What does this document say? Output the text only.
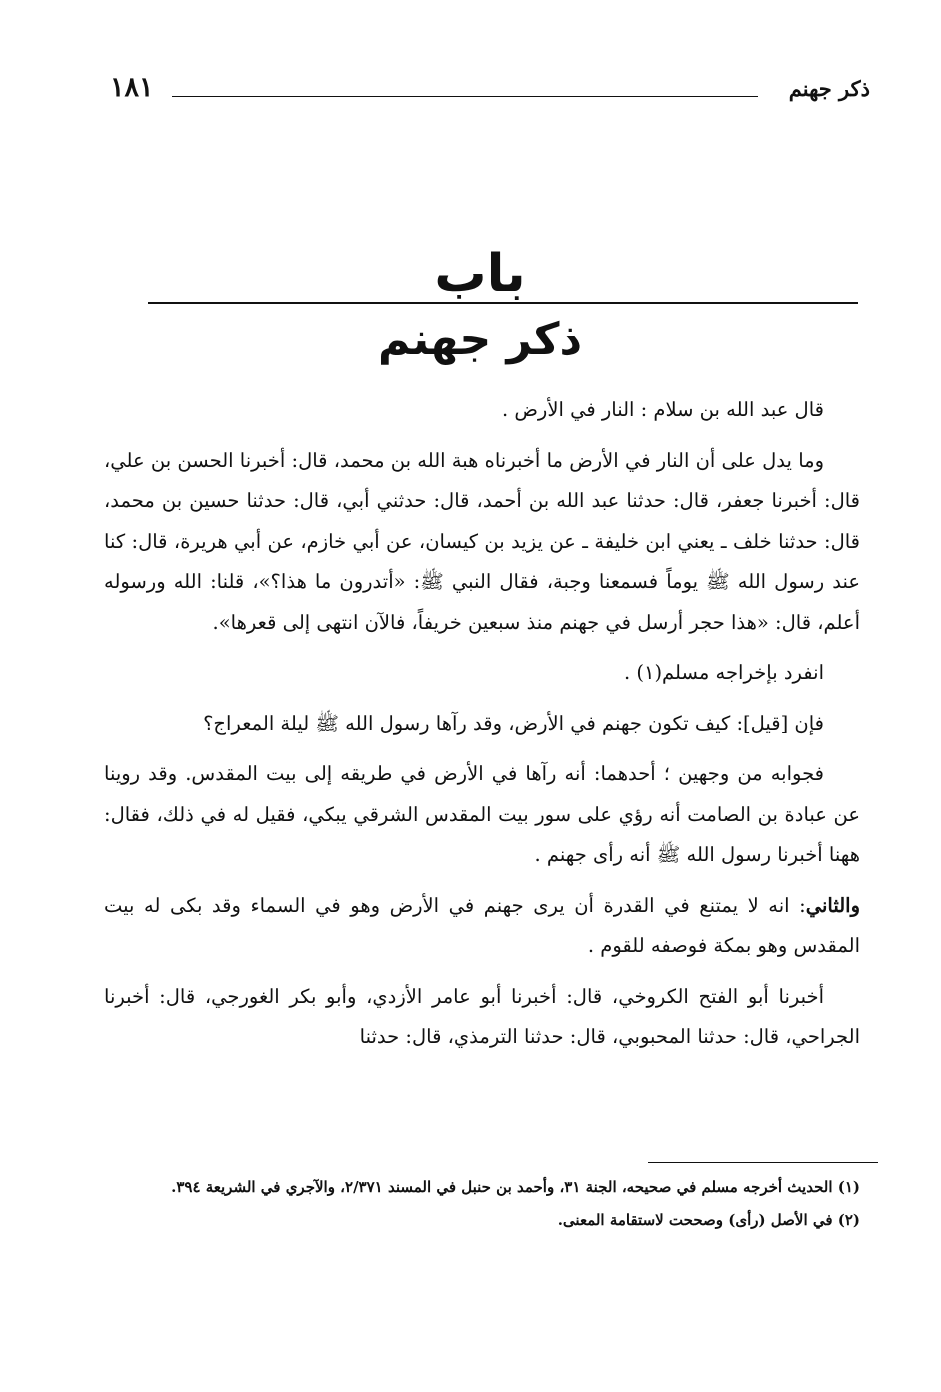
ذكر جهنم
١٨١
باب
ذكر جهنم

قال عبد الله بن سلام : النار في الأرض .

وما يدل على أن النار في الأرض ما أخبرناه هبة الله بن محمد، قال: أخبرنا الحسن بن علي، قال: أخبرنا جعفر، قال: حدثنا عبد الله بن أحمد، قال: حدثني أبي، قال: حدثنا حسين بن محمد، قال: حدثنا خلف ـ يعني ابن خليفة ـ عن يزيد بن كيسان، عن أبي خازم، عن أبي هريرة، قال: كنا عند رسول الله ﷺ يوماً فسمعنا وجبة، فقال النبي ﷺ: «أتدرون ما هذا؟»، قلنا: الله ورسوله أعلم، قال: «هذا حجر أرسل في جهنم منذ سبعين خريفاً، فالآن انتهى إلى قعرها».

انفرد بإخراجه مسلم(١) .

فإن [قيل]: كيف تكون جهنم في الأرض، وقد رآها رسول الله ﷺ ليلة المعراج؟

فجوابه من وجهين ؛ أحدهما: أنه رآها في الأرض في طريقه إلى بيت المقدس. وقد روينا عن عبادة بن الصامت أنه رؤي على سور بيت المقدس الشرقي يبكي، فقيل له في ذلك، فقال: ههنا أخبرنا رسول الله ﷺ أنه رأى جهنم .

والثاني: انه لا يمتنع في القدرة أن يرى جهنم في الأرض وهو في السماء وقد بكى له بيت المقدس وهو بمكة فوصفه للقوم .

أخبرنا أبو الفتح الكروخي، قال: أخبرنا أبو عامر الأزدي، وأبو بكر الغورجي، قال: أخبرنا الجراحي، قال: حدثنا المحبوبي، قال: حدثنا الترمذي، قال: حدثنا

(١) الحديث أخرجه مسلم في صحيحه، الجنة ٣١، وأحمد بن حنبل في المسند ٢/٣٧١، والآجري في الشريعة ٣٩٤.

(٢) في الأصل (رأى) وصححت لاستقامة المعنى.
